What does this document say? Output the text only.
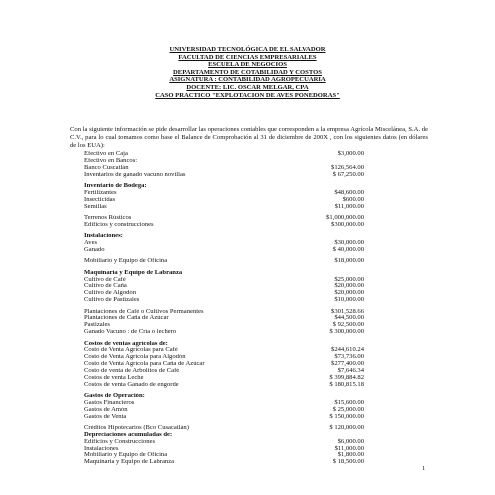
UNIVERSIDAD TECNOLÓGICA DE EL SALVADOR
FACULTAD DE CIENCIAS EMPRESARIALES
ESCUELA DE NEGOCIOS
DEPARTAMENTO DE COTABILIDAD Y COSTOS
ASIGNATURA : CONTABILIDAD AGROPECUARIA
DOCENTE: LIC. OSCAR MELGAR, CPA
CASO PRACTICO "EXPLOTACION DE AVES PONEDORAS"
Con la siguiente información se pide desarrollar las operaciones contables que corresponden a la empresa Agrícola Miscelánea, S.A. de C.V., para lo cual tomamos como base el Balance de Comprobación al 31 de diciembre de 200X , con los siguientes datos (en dólares de los EUA):
Efectivo en Caja	$3,000.00
Efectivo en Bancos:
Banco Cuscatlán	$126,564.00
Inventarios de ganado vacuno novillas	$ 67,250.00
Inventario de Bodega:
Fertilizantes	$48,600.00
Insecticidas	$600.00
Semillas	$11,000.00
Terrenos Rústicos	$1,000,000.00
Edificios y construcciones	$300,000.00
Instalaciones:
Aves	$30,000.00
Ganado	$ 40,000.00
Mobiliario y Equipo de Oficina	$18,000.00
Maquinaria y Equipo de Labranza
Cultivo de Café	$25,000.00
Cultivo de Caña	$20,000.00
Cultivo de Algodón	$20,000.00
Cultivo de Pastizales	$10,000.00
Plantaciones de Café o Cultivos Permanentes	$301,528.66
Plantaciones de Caña de Azúcar	$44,500.00
Pastizales	$ 92,500.00
Ganado Vacuno : de Cría o lechero	$ 300,000.00
Costos de ventas agrícolas de:
Costo de Venta Agrícolas para Café	$244,610.24
Costo de Venta Agrícola para Algodón	$73,736.00
Costo de Venta Agrícola para Caña de Azúcar	$277,400.00
Costo de venta de Arbolitos de Café	$7,646.34
Costos de venta Leche	$ 399,884.82
Costos de venta Ganado de engorde	$ 180,815.18
Gastos de Operación:
Gastos Financieros	$15,600.00
Gastos de Amón	$ 25,000.00
Gastos de Venta	$ 150,000.00
Créditos Hipotecarios (Bco Cusacatlán)	$ 120,000.00
Depreciaciones acumuladas de:
Edificios y Construcciones	$6,000.00
Instalaciones	$11,000.00
Mobiliario y Equipo de Oficina	$1,800.00
Maquinaria y Equipo de Labranza	$ 18,500.00
1
